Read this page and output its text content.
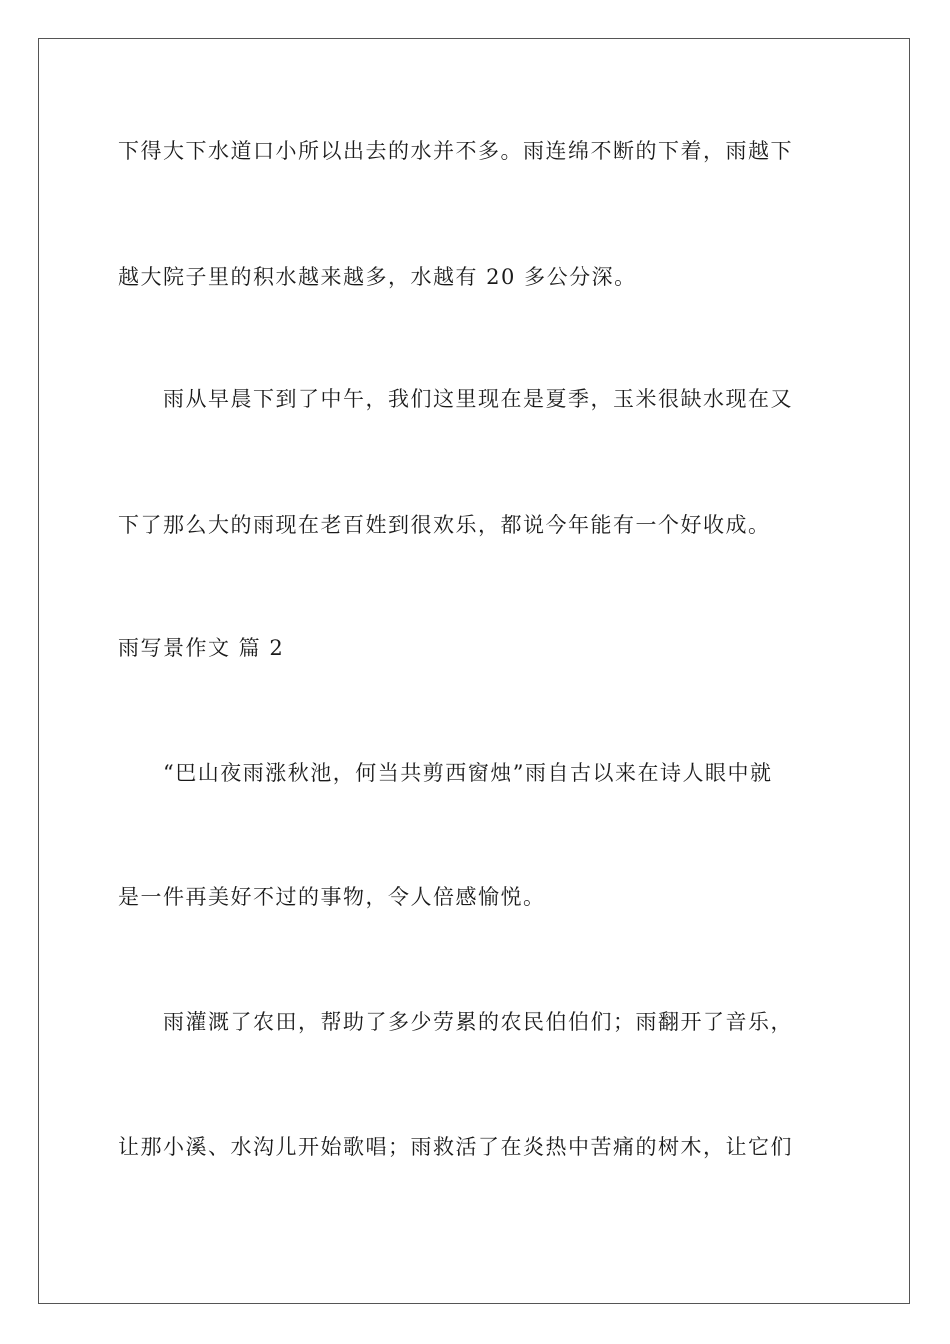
下得大下水道口小所以出去的水并不多。雨连绵不断的下着，雨越下
越大院子里的积水越来越多，水越有 20 多公分深。
雨从早晨下到了中午，我们这里现在是夏季，玉米很缺水现在又
下了那么大的雨现在老百姓到很欢乐，都说今年能有一个好收成。
雨写景作文 篇 2
“巴山夜雨涨秋池，何当共剪西窗烛”雨自古以来在诗人眼中就
是一件再美好不过的事物，令人倍感愉悦。
雨灌溉了农田，帮助了多少劳累的农民伯伯们；雨翻开了音乐，
让那小溪、水沟儿开始歌唱；雨救活了在炎热中苦痛的树木，让它们
